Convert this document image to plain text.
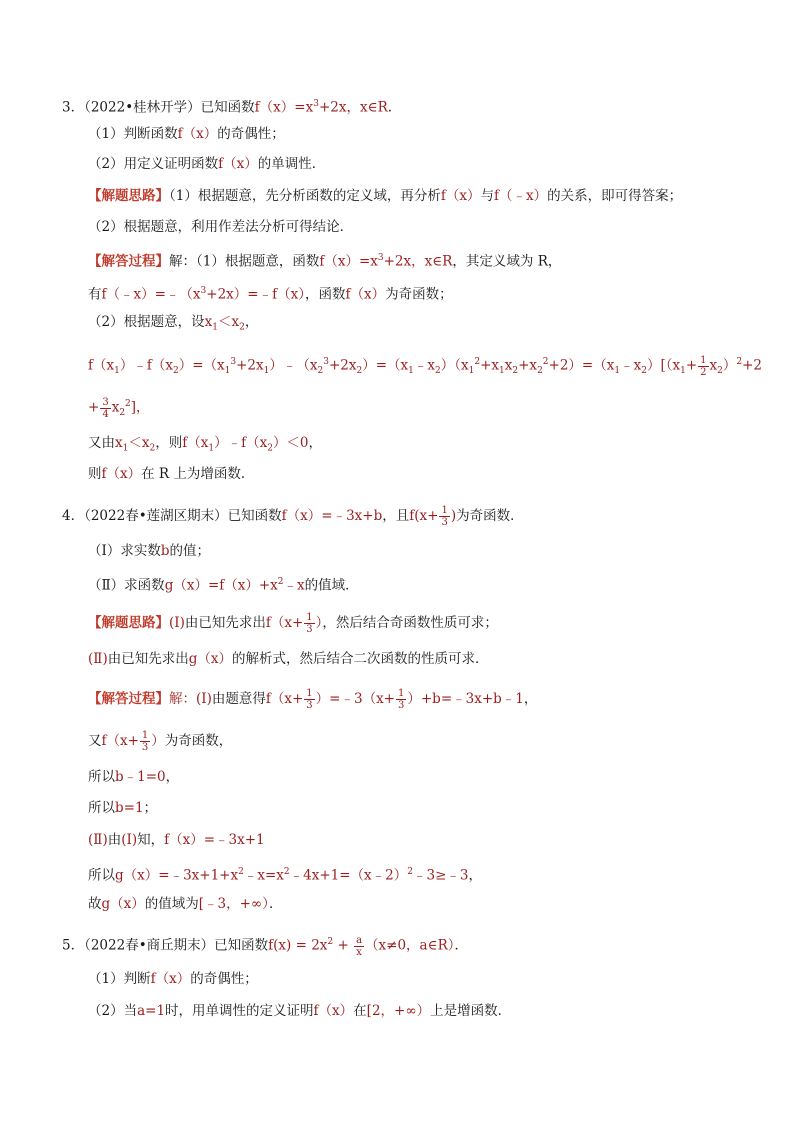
3．（2022•桂林开学）已知函数$f(x)=x^3+2x$，x∈R.
（1）判断函数f（x）的奇偶性；
（2）用定义证明函数f（x）的单调性．
【解题思路】（1）根据题意，先分析函数的定义域，再分析f（x）与f（﹣x）的关系，即可得答案；
（2）根据题意，利用作差法分析可得结论．
【解答过程】解：（1）根据题意，函数$f(x)=x^3+2x$，x∈R，其定义域为 R，
有$f(﹣x)=﹣(x^3+2x)=﹣f(x)$，函数f（x）为奇函数；
（2）根据题意，设$x_1<x_2$，
$f(x_1)﹣f(x_2)=(x_1^3+2x_1)﹣(x_2^3+2x_2)=(x_1﹣x_2)(x_1^2+x_1x_2+x_2^2+2)=(x_1﹣x_2)[(x_1+ \frac{1}{2} x_2)^2+2$
+ $\frac{3}{4} x_2^2$]，
又由$x_1<x_2$，则$f(x_1)﹣f(x_2)<0$，
则f（x）在 R 上为增函数．
4．（2022春•莲湖区期末）已知函数f（x）=﹣3x+b，且$f(x+ \frac{1}{3}$ )为奇函数．
（Ⅰ）求实数b的值；
（Ⅱ）求函数$g(x)=f(x)+x^2﹣x$的值域．
【解题思路】(Ⅰ)由已知先求出$f(x+ \frac{1}{3}$ ），然后结合奇函数性质可求；
(Ⅱ)由已知先求出g（x）的解析式，然后结合二次函数的性质可求．
【解答过程】解：(Ⅰ)由题意得$f(x+ \frac{1}{3}$ ）=﹣3（x+ $\frac{1}{3}$ ）+b=﹣3x+b﹣1，
又$f(x+ \frac{1}{3}$ ）为奇函数，
所以b﹣1=0，
所以b=1；
(Ⅱ)由(Ⅰ)知，f（x）=﹣3x+1
所以$g(x)=﹣3x+1+x^2﹣x=x^2﹣4x+1=(x﹣2)^2﹣3\ge﹣3$，
故g（x）的值域为[﹣3，+∞）．
5．（2022春•商丘期末）已知函数$f(x) = 2x^2 + \frac{a}{x} (x\ne 0$，a∈R）．
（1）判断f（x）的奇偶性；
（2）当a=1时，用单调性的定义证明f（x）在[2，+∞）上是增函数．
